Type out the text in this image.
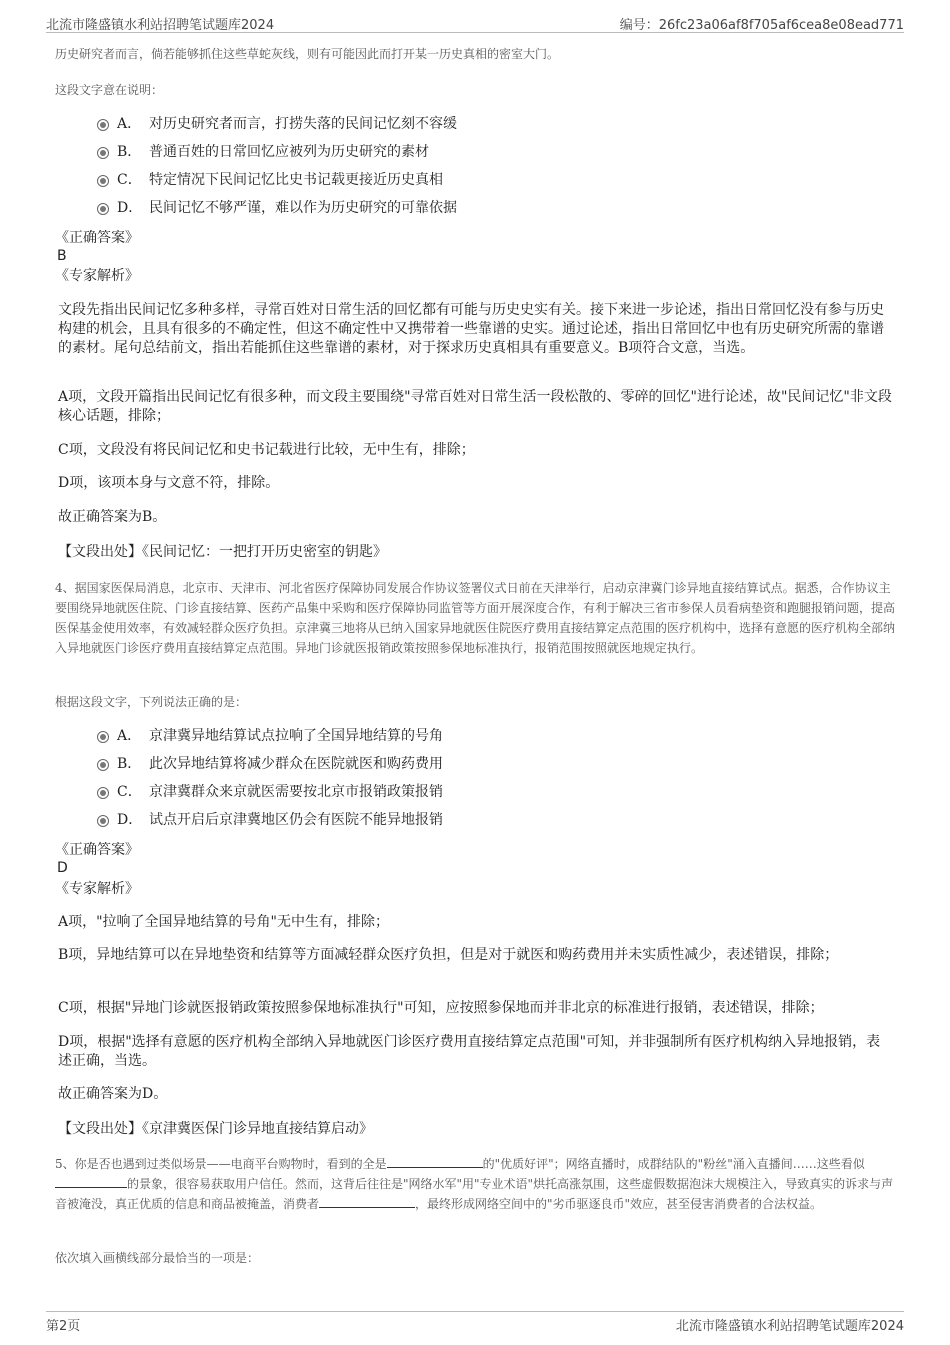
北流市隆盛镇水利站招聘笔试题库2024	编号：26fc23a06af8f705af6cea8e08ead771

历史研究者而言，倘若能够抓住这些草蛇灰线，则有可能因此而打开某一历史真相的密室大门。

这段文字意在说明：

A． 对历史研究者而言，打捞失落的民间记忆刻不容缓
B． 普通百姓的日常回忆应被列为历史研究的素材
C． 特定情况下民间记忆比史书记载更接近历史真相
D． 民间记忆不够严谨，难以作为历史研究的可靠依据

《正确答案》

B

《专家解析》

文段先指出民间记忆多种多样，寻常百姓对日常生活的回忆都有可能与历史史实有关。接下来进一步论述，指出日常回忆没有参与历史构建的机会，且具有很多的不确定性，但这不确定性中又携带着一些靠谱的史实。通过论述，指出日常回忆中也有历史研究所需的靠谱的素材。尾句总结前文，指出若能抓住这些靠谱的素材，对于探求历史真相具有重要意义。B项符合文意，当选。

A项，文段开篇指出民间记忆有很多种，而文段主要围绕"寻常百姓对日常生活一段松散的、零碎的回忆"进行论述，故"民间记忆"非文段核心话题，排除；

C项，文段没有将民间记忆和史书记载进行比较，无中生有，排除；

D项，该项本身与文意不符，排除。

故正确答案为B。

【文段出处】《民间记忆：一把打开历史密室的钥匙》

4、据国家医保局消息，北京市、天津市、河北省医疗保障协同发展合作协议签署仪式日前在天津举行，启动京津冀门诊异地直接结算试点。据悉，合作协议主要围绕异地就医住院、门诊直接结算、医药产品集中采购和医疗保障协同监管等方面开展深度合作，有利于解决三省市参保人员看病垫资和跑腿报销问题，提高医保基金使用效率，有效减轻群众医疗负担。京津冀三地将从已纳入国家异地就医住院医疗费用直接结算定点范围的医疗机构中，选择有意愿的医疗机构全部纳入异地就医门诊医疗费用直接结算定点范围。异地门诊就医报销政策按照参保地标准执行，报销范围按照就医地规定执行。

根据这段文字，下列说法正确的是：

A． 京津冀异地结算试点拉响了全国异地结算的号角
B． 此次异地结算将减少群众在医院就医和购药费用
C． 京津冀群众来京就医需要按北京市报销政策报销
D． 试点开启后京津冀地区仍会有医院不能异地报销

《正确答案》

D

《专家解析》

A项，"拉响了全国异地结算的号角"无中生有，排除；

B项，异地结算可以在异地垫资和结算等方面减轻群众医疗负担，但是对于就医和购药费用并未实质性减少，表述错误，排除；

C项，根据"异地门诊就医报销政策按照参保地标准执行"可知，应按照参保地而并非北京的标准进行报销，表述错误，排除；

D项，根据"选择有意愿的医疗机构全部纳入异地就医门诊医疗费用直接结算定点范围"可知，并非强制所有医疗机构纳入异地报销，表述正确，当选。

故正确答案为D。

【文段出处】《京津冀医保门诊异地直接结算启动》

5、你是否也遇到过类似场景——电商平台购物时，看到的全是	的"优质好评"；网络直播时，成群结队的"粉丝"涌入直播间……这些看似的景象，很容易获取用户信任。然而，这背后往往是"网络水军"用"专业术语"烘托高涨氛围，这些虚假数据泡沫大规模注入，导致真实的诉求与声音被淹没，真正优质的信息和商品被掩盖，消费者	，最终形成网络空间中的"劣币驱逐良币"效应，甚至侵害消费者的合法权益。

依次填入画横线部分最恰当的一项是：

第2页	北流市隆盛镇水利站招聘笔试题库2024
